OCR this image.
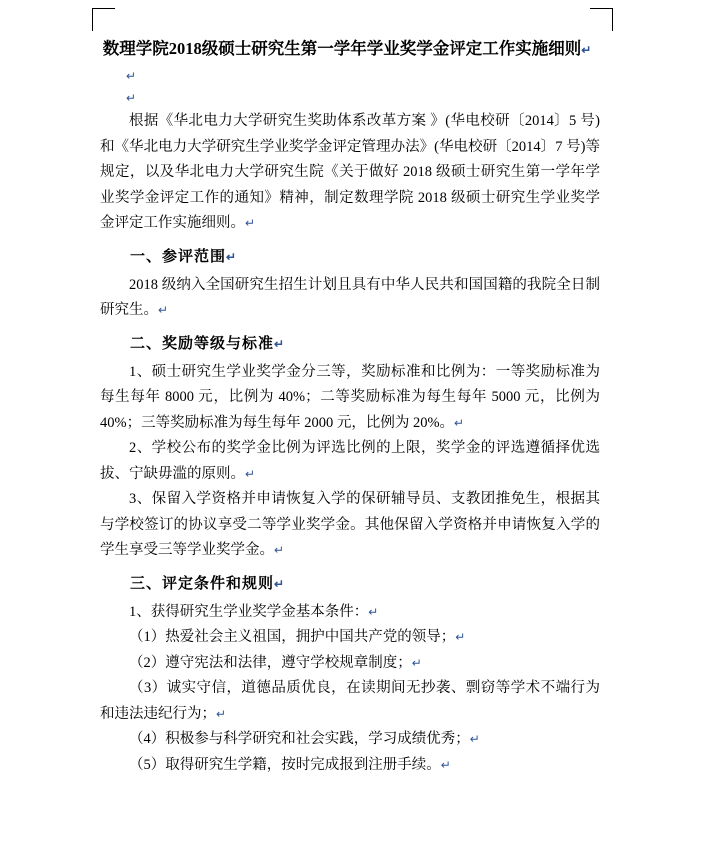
数理学院2018级硕士研究生第一学年学业奖学金评定工作实施细则↵
↵
↵

根据《华北电力大学研究生奖助体系改革方案 》(华电校研〔2014〕5 号)和《华北电力大学研究生学业奖学金评定管理办法》(华电校研〔2014〕7 号)等规定，以及华北电力大学研究生院《关于做好 2018 级硕士研究生第一学年学业奖学金评定工作的通知》精神，制定数理学院 2018 级硕士研究生学业奖学金评定工作实施细则。↵

一、参评范围↵

2018 级纳入全国研究生招生计划且具有中华人民共和国国籍的我院全日制研究生。↵

二、奖励等级与标准↵

1、硕士研究生学业奖学金分三等，奖励标准和比例为：一等奖励标准为每生每年 8000 元，比例为 40%；二等奖励标准为每生每年 5000 元，比例为 40%；三等奖励标准为每生每年 2000 元，比例为 20%。↵

2、学校公布的奖学金比例为评选比例的上限，奖学金的评选遵循择优选拔、宁缺毋滥的原则。↵

3、保留入学资格并申请恢复入学的保研辅导员、支教团推免生，根据其与学校签订的协议享受二等学业奖学金。其他保留入学资格并申请恢复入学的学生享受三等学业奖学金。↵

三、评定条件和规则↵

1、获得研究生学业奖学金基本条件：↵

（1）热爱社会主义祖国，拥护中国共产党的领导；↵

（2）遵守宪法和法律，遵守学校规章制度；↵

（3）诚实守信，道德品质优良，在读期间无抄袭、剽窃等学术不端行为和违法违纪行为；↵

（4）积极参与科学研究和社会实践，学习成绩优秀；↵

（5）取得研究生学籍，按时完成报到注册手续。↵
